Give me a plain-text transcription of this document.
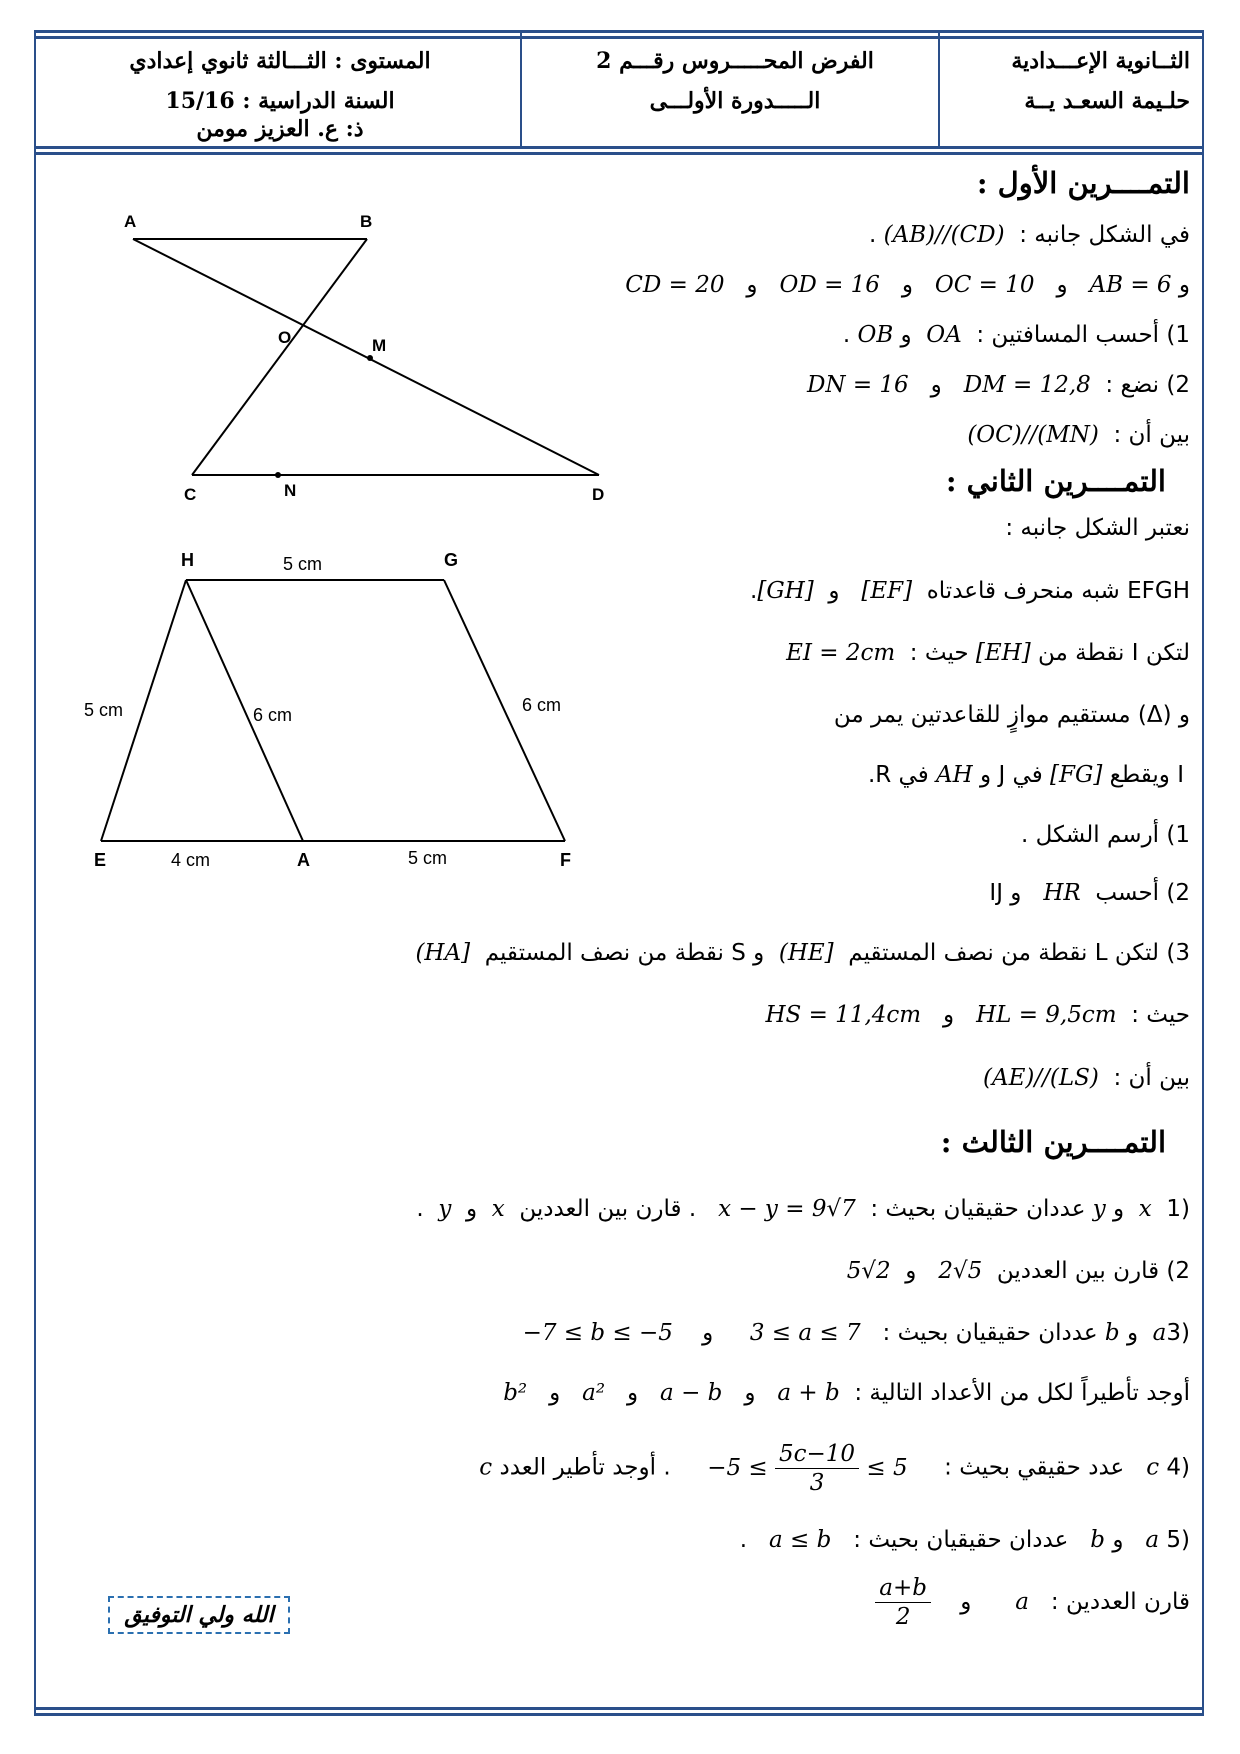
الثــانوية الإعـــدادية
حلـيمة السعـد يــة
الفرض المحـــــروس رقـــم 2
الـــــدورة الأولـــى
المستوى : الثـــالثة ثانوي إعدادي
السنة الدراسية : 15/16
ذ: ع. العزيز مومن
A	B
O	M
C	N	D
H	G
E	A	F
5 cm
5 cm	6 cm	6 cm
4 cm	5 cm
التمــــرين الأول :
في الشكل جانبه :  (AB)//(CD) .
و AB = 6   و   OC = 10   و   OD = 16   و   CD = 20
1) أحسب المسافتين :  OA  و OB .
2) نضع :  DM = 12,8   و   DN = 16
بين أن :  (OC)//(MN)
التمــــرين الثاني :
نعتبر الشكل جانبه :
EFGH شبه منحرف قاعدتاه  [EF]   و  [GH].
لتكن I نقطة من [EH] حيث :  EI = 2cm
و (Δ) مستقيم موازٍ للقاعدتين يمر من
I ويقطع [FG] في J و AH في R.
1) أرسم الشكل .
2) أحسب  HR   و IJ
3) لتكن L نقطة من نصف المستقيم  (HE]  و S نقطة من نصف المستقيم  (HA]
حيث :  HL = 9,5cm   و   HS = 11,4cm
بين أن :  (AE)//(LS)
التمــــرين الثالث :
1)  x  و y عددان حقيقيان بحيث :  x − y = 9√7   . قارن بين العددين  x  و  y  .
2) قارن بين العددين  2√5   و  5√2
3)a  و b عددان حقيقيان بحيث :   3 ≤ a ≤ 7     و    −7 ≤ b ≤ −5
أوجد تأطيراً لكل من الأعداد التالية :  a + b   و   a − b   و   a²   و   b²
4) c   عدد حقيقي بحيث :     $-5 \le \frac{5c-10}{3} \le 5$     . أوجد تأطير العدد c
5) a   و b   عددان حقيقيان بحيث :   a ≤ b   .
قارن العددين :   a      و
$\frac{a+b}{2}$
الله ولي التوفيق
